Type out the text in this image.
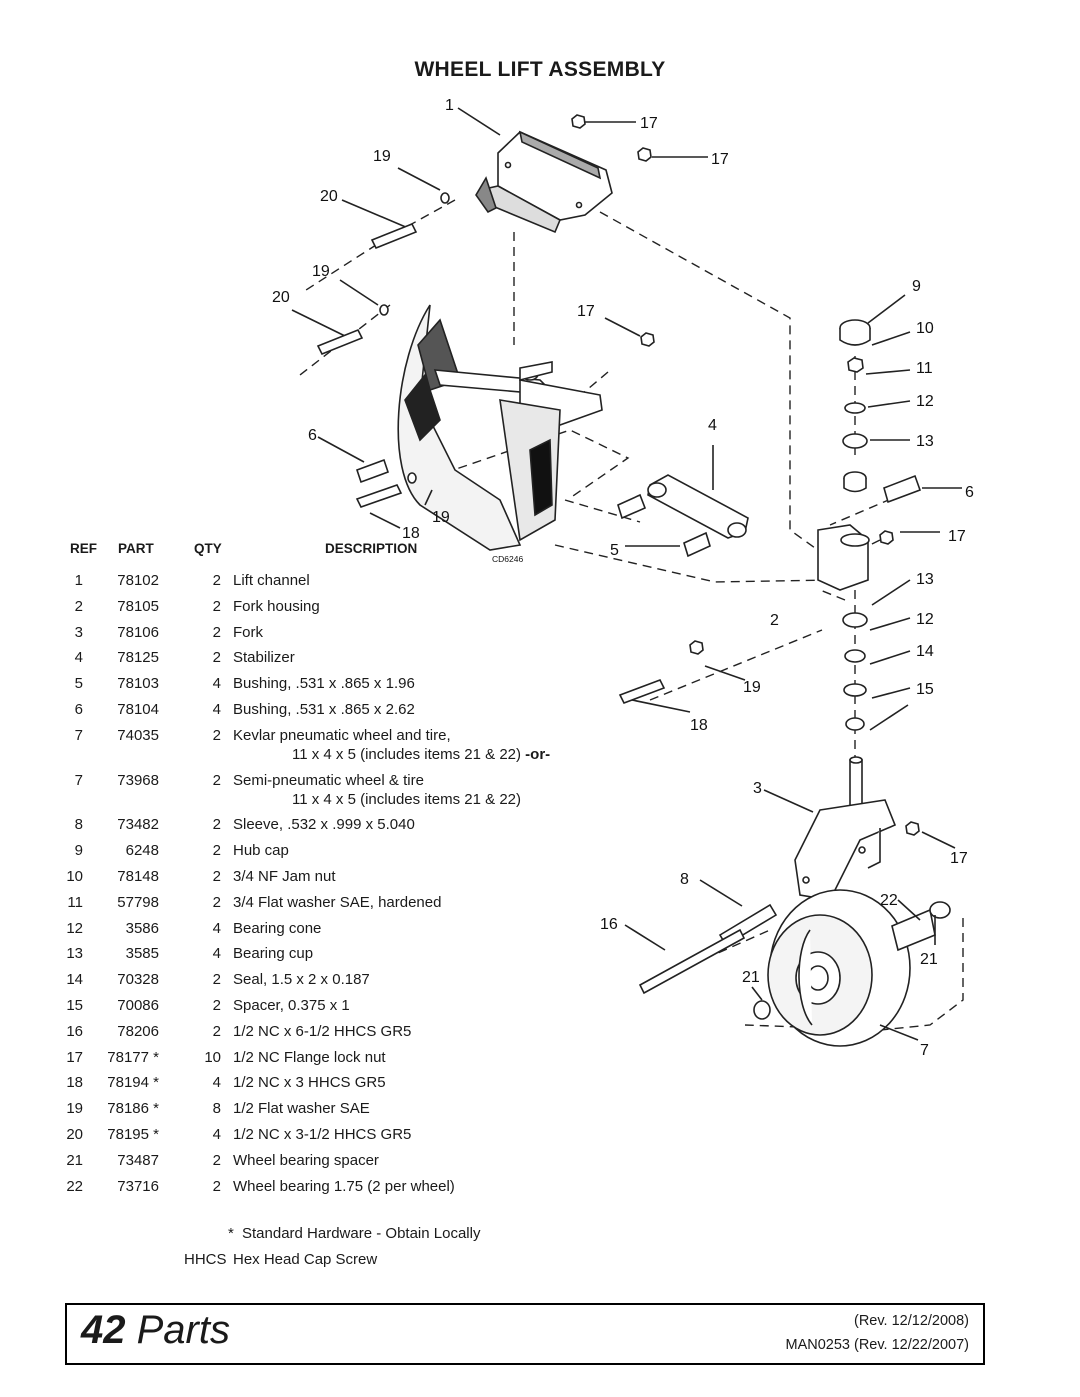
WHEEL LIFT ASSEMBLY
1
17
19	17
20
19
20
9
17
10
11
12
13
6
4
6
18
19
5
17
13
2	12
14
19	15
18
3
17
8
22
16
21
21
7
CD6246
REF PART	QTY	DESCRIPTION
1 78102	2 Lift channel
2 78105	2 Fork housing
3 78106	2 Fork
4 78125	2 Stabilizer
5 78103	4 Bushing, .531 x .865 x 1.96
6 78104	4 Bushing, .531 x .865 x 2.62
7 74035	2 Kevlar pneumatic wheel and tire,
11 x 4 x 5 (includes items 21 & 22) -or-
7 73968	2 Semi-pneumatic wheel & tire
11 x 4 x 5 (includes items 21 & 22)
8 73482	2 Sleeve, .532 x .999 x 5.040
9	6248	2 Hub cap
10 78148	2 3/4 NF Jam nut
11 57798	2 3/4 Flat washer SAE, hardened
12	3586	4 Bearing cone
13	3585	4 Bearing cup
14 70328	2 Seal, 1.5 x 2 x 0.187
15 70086	2 Spacer, 0.375 x 1
16 78206	2 1/2 NC x 6-1/2 HHCS GR5
17 78177 *	10 1/2 NC Flange lock nut
18 78194 *	4 1/2 NC x 3 HHCS GR5
19 78186 *	8 1/2 Flat washer SAE
20 78195 *	4 1/2 NC x 3-1/2 HHCS GR5
21 73487	2 Wheel bearing spacer
22 73716	2 Wheel bearing 1.75 (2 per wheel)
* Standard Hardware - Obtain Locally
HHCS Hex Head Cap Screw
42 Parts	(Rev. 12/12/2008)
MAN0253 (Rev. 12/22/2007)
